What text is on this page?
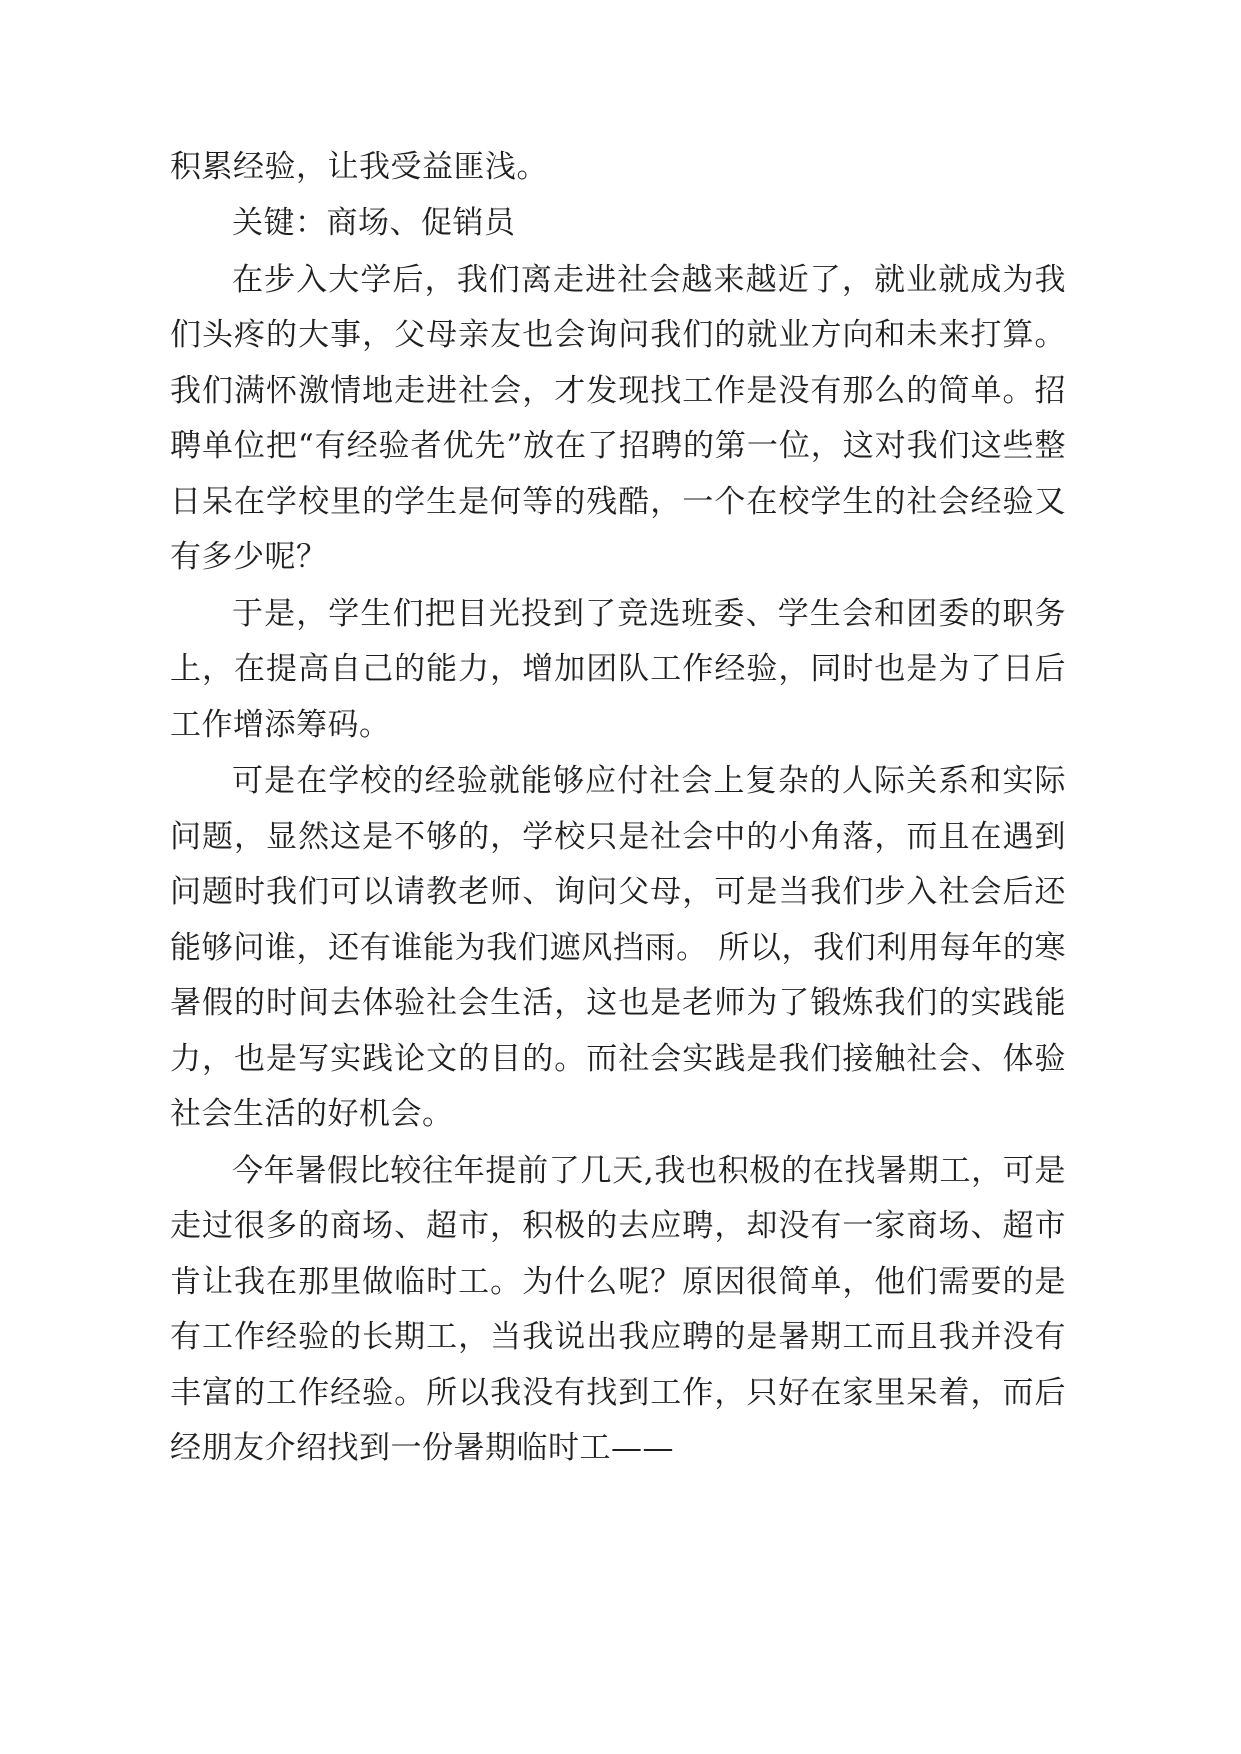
积累经验，让我受益匪浅。

关键：商场、促销员

在步入大学后，我们离走进社会越来越近了，就业就成为我们头疼的大事，父母亲友也会询问我们的就业方向和未来打算。我们满怀激情地走进社会，才发现找工作是没有那么的简单。招聘单位把“有经验者优先”放在了招聘的第一位，这对我们这些整日呆在学校里的学生是何等的残酷，一个在校学生的社会经验又有多少呢？

于是，学生们把目光投到了竞选班委、学生会和团委的职务上，在提高自己的能力，增加团队工作经验，同时也是为了日后工作增添筹码。

可是在学校的经验就能够应付社会上复杂的人际关系和实际问题，显然这是不够的，学校只是社会中的小角落，而且在遇到问题时我们可以请教老师、询问父母，可是当我们步入社会后还能够问谁，还有谁能为我们遮风挡雨。 所以，我们利用每年的寒暑假的时间去体验社会生活，这也是老师为了锻炼我们的实践能力，也是写实践论文的目的。而社会实践是我们接触社会、体验社会生活的好机会。

今年暑假比较往年提前了几天,我也积极的在找暑期工，可是走过很多的商场、超市，积极的去应聘，却没有一家商场、超市肯让我在那里做临时工。为什么呢？原因很简单，他们需要的是有工作经验的长期工，当我说出我应聘的是暑期工而且我并没有丰富的工作经验。所以我没有找到工作，只好在家里呆着，而后经朋友介绍找到一份暑期临时工——
